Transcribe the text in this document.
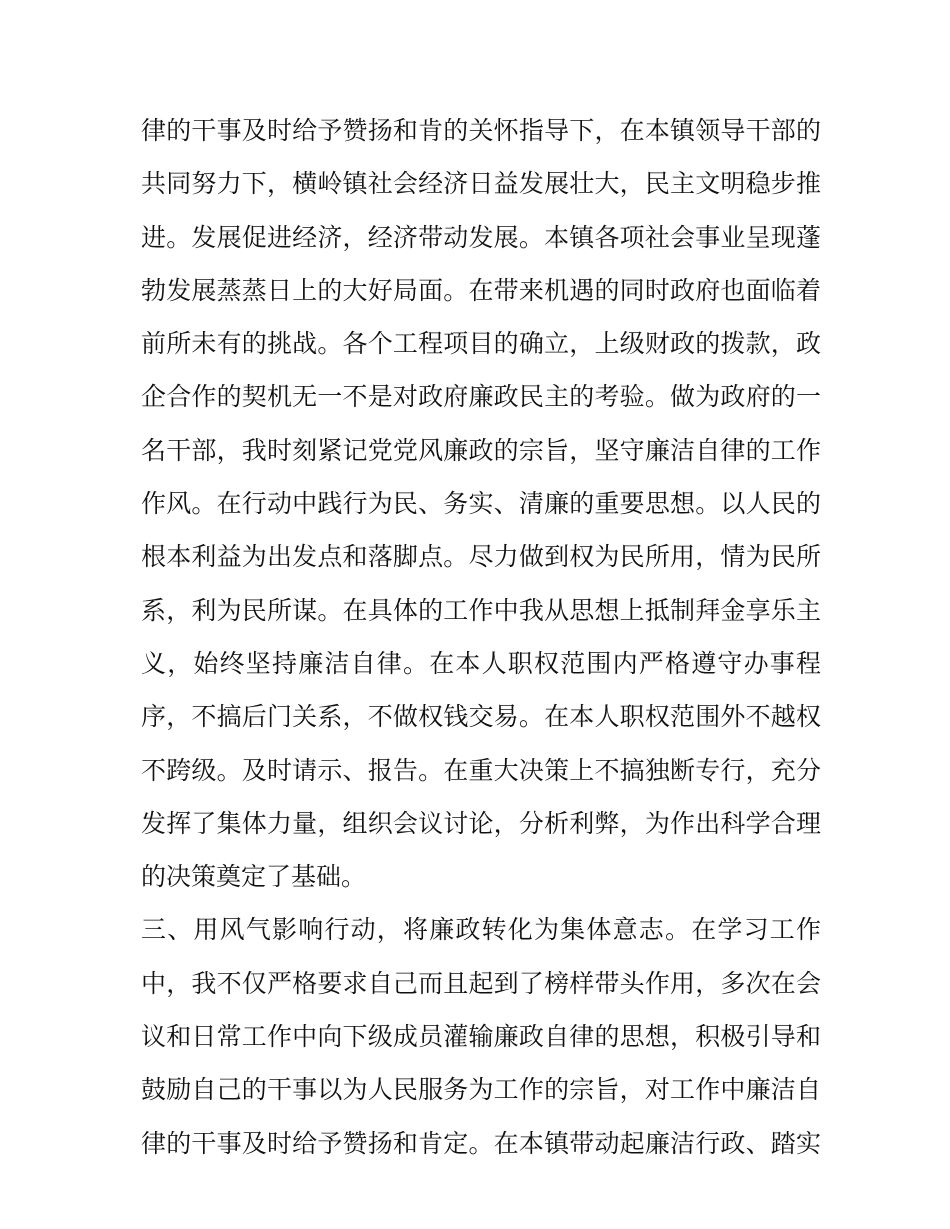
律的干事及时给予赞扬和肯的关怀指导下，在本镇领导干部的
共同努力下，横岭镇社会经济日益发展壮大，民主文明稳步推
进。发展促进经济，经济带动发展。本镇各项社会事业呈现蓬
勃发展蒸蒸日上的大好局面。在带来机遇的同时政府也面临着
前所未有的挑战。各个工程项目的确立，上级财政的拨款，政
企合作的契机无一不是对政府廉政民主的考验。做为政府的一
名干部，我时刻紧记党党风廉政的宗旨，坚守廉洁自律的工作
作风。在行动中践行为民、务实、清廉的重要思想。以人民的
根本利益为出发点和落脚点。尽力做到权为民所用，情为民所
系，利为民所谋。在具体的工作中我从思想上抵制拜金享乐主
义，始终坚持廉洁自律。在本人职权范围内严格遵守办事程
序，不搞后门关系，不做权钱交易。在本人职权范围外不越权
不跨级。及时请示、报告。在重大决策上不搞独断专行，充分
发挥了集体力量，组织会议讨论，分析利弊，为作出科学合理
的决策奠定了基础。
三、用风气影响行动，将廉政转化为集体意志。在学习工作
中，我不仅严格要求自己而且起到了榜样带头作用，多次在会
议和日常工作中向下级成员灌输廉政自律的思想，积极引导和
鼓励自己的干事以为人民服务为工作的宗旨，对工作中廉洁自
律的干事及时给予赞扬和肯定。在本镇带动起廉洁行政、踏实
